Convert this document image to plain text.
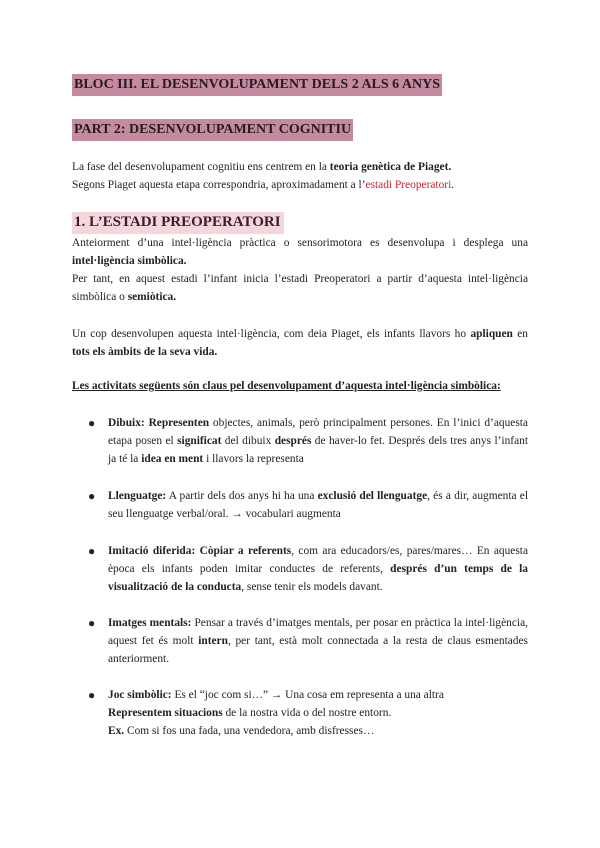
BLOC III. EL DESENVOLUPAMENT DELS 2 ALS 6 ANYS
PART 2: DESENVOLUPAMENT COGNITIU
La fase del desenvolupament cognitiu ens centrem en la teoria genètica de Piaget.
Segons Piaget aquesta etapa correspondria, aproximadament a l’estadi Preoperatori.
1. L’ESTADI PREOPERATORI
Anteiorment d’una intel·ligència pràctica o sensorimotora es desenvolupa i desplega una intel·ligència simbòlica.
Per tant, en aquest estadi l’infant inicia l’estadi Preoperatori a partir d’aquesta intel·ligència simbòlica o semiòtica.
Un cop desenvolupen aquesta intel·ligència, com deia Piaget, els infants llavors ho apliquen en tots els àmbits de la seva vida.
Les activitats següents són claus pel desenvolupament d’aquesta intel·ligència simbòlica:
● Dibuix: Representen objectes, animals, però principalment persones. En l’inici d’aquesta etapa posen el significat del dibuix després de haver-lo fet. Després dels tres anys l’infant ja té la idea en ment i llavors la representa
● Llenguatge: A partir dels dos anys hi ha una exclusió del llenguatge, és a dir, augmenta el seu llenguatge verbal/oral. → vocabulari augmenta
● Imitació diferida: Còpiar a referents, com ara educadors/es, pares/mares… En aquesta època els infants poden imitar conductes de referents, després d’un temps de la visualització de la conducta, sense tenir els models davant.
● Imatges mentals: Pensar a través d’imatges mentals, per posar en pràctica la intel·ligència, aquest fet és molt intern, per tant, està molt connectada a la resta de claus esmentades anteriorment.
● Joc simbòlic: Es el “joc com si…” → Una cosa em representa a una altra
Representem situacions de la nostra vida o del nostre entorn.
Ex. Com si fos una fada, una vendedora, amb disfresses…
